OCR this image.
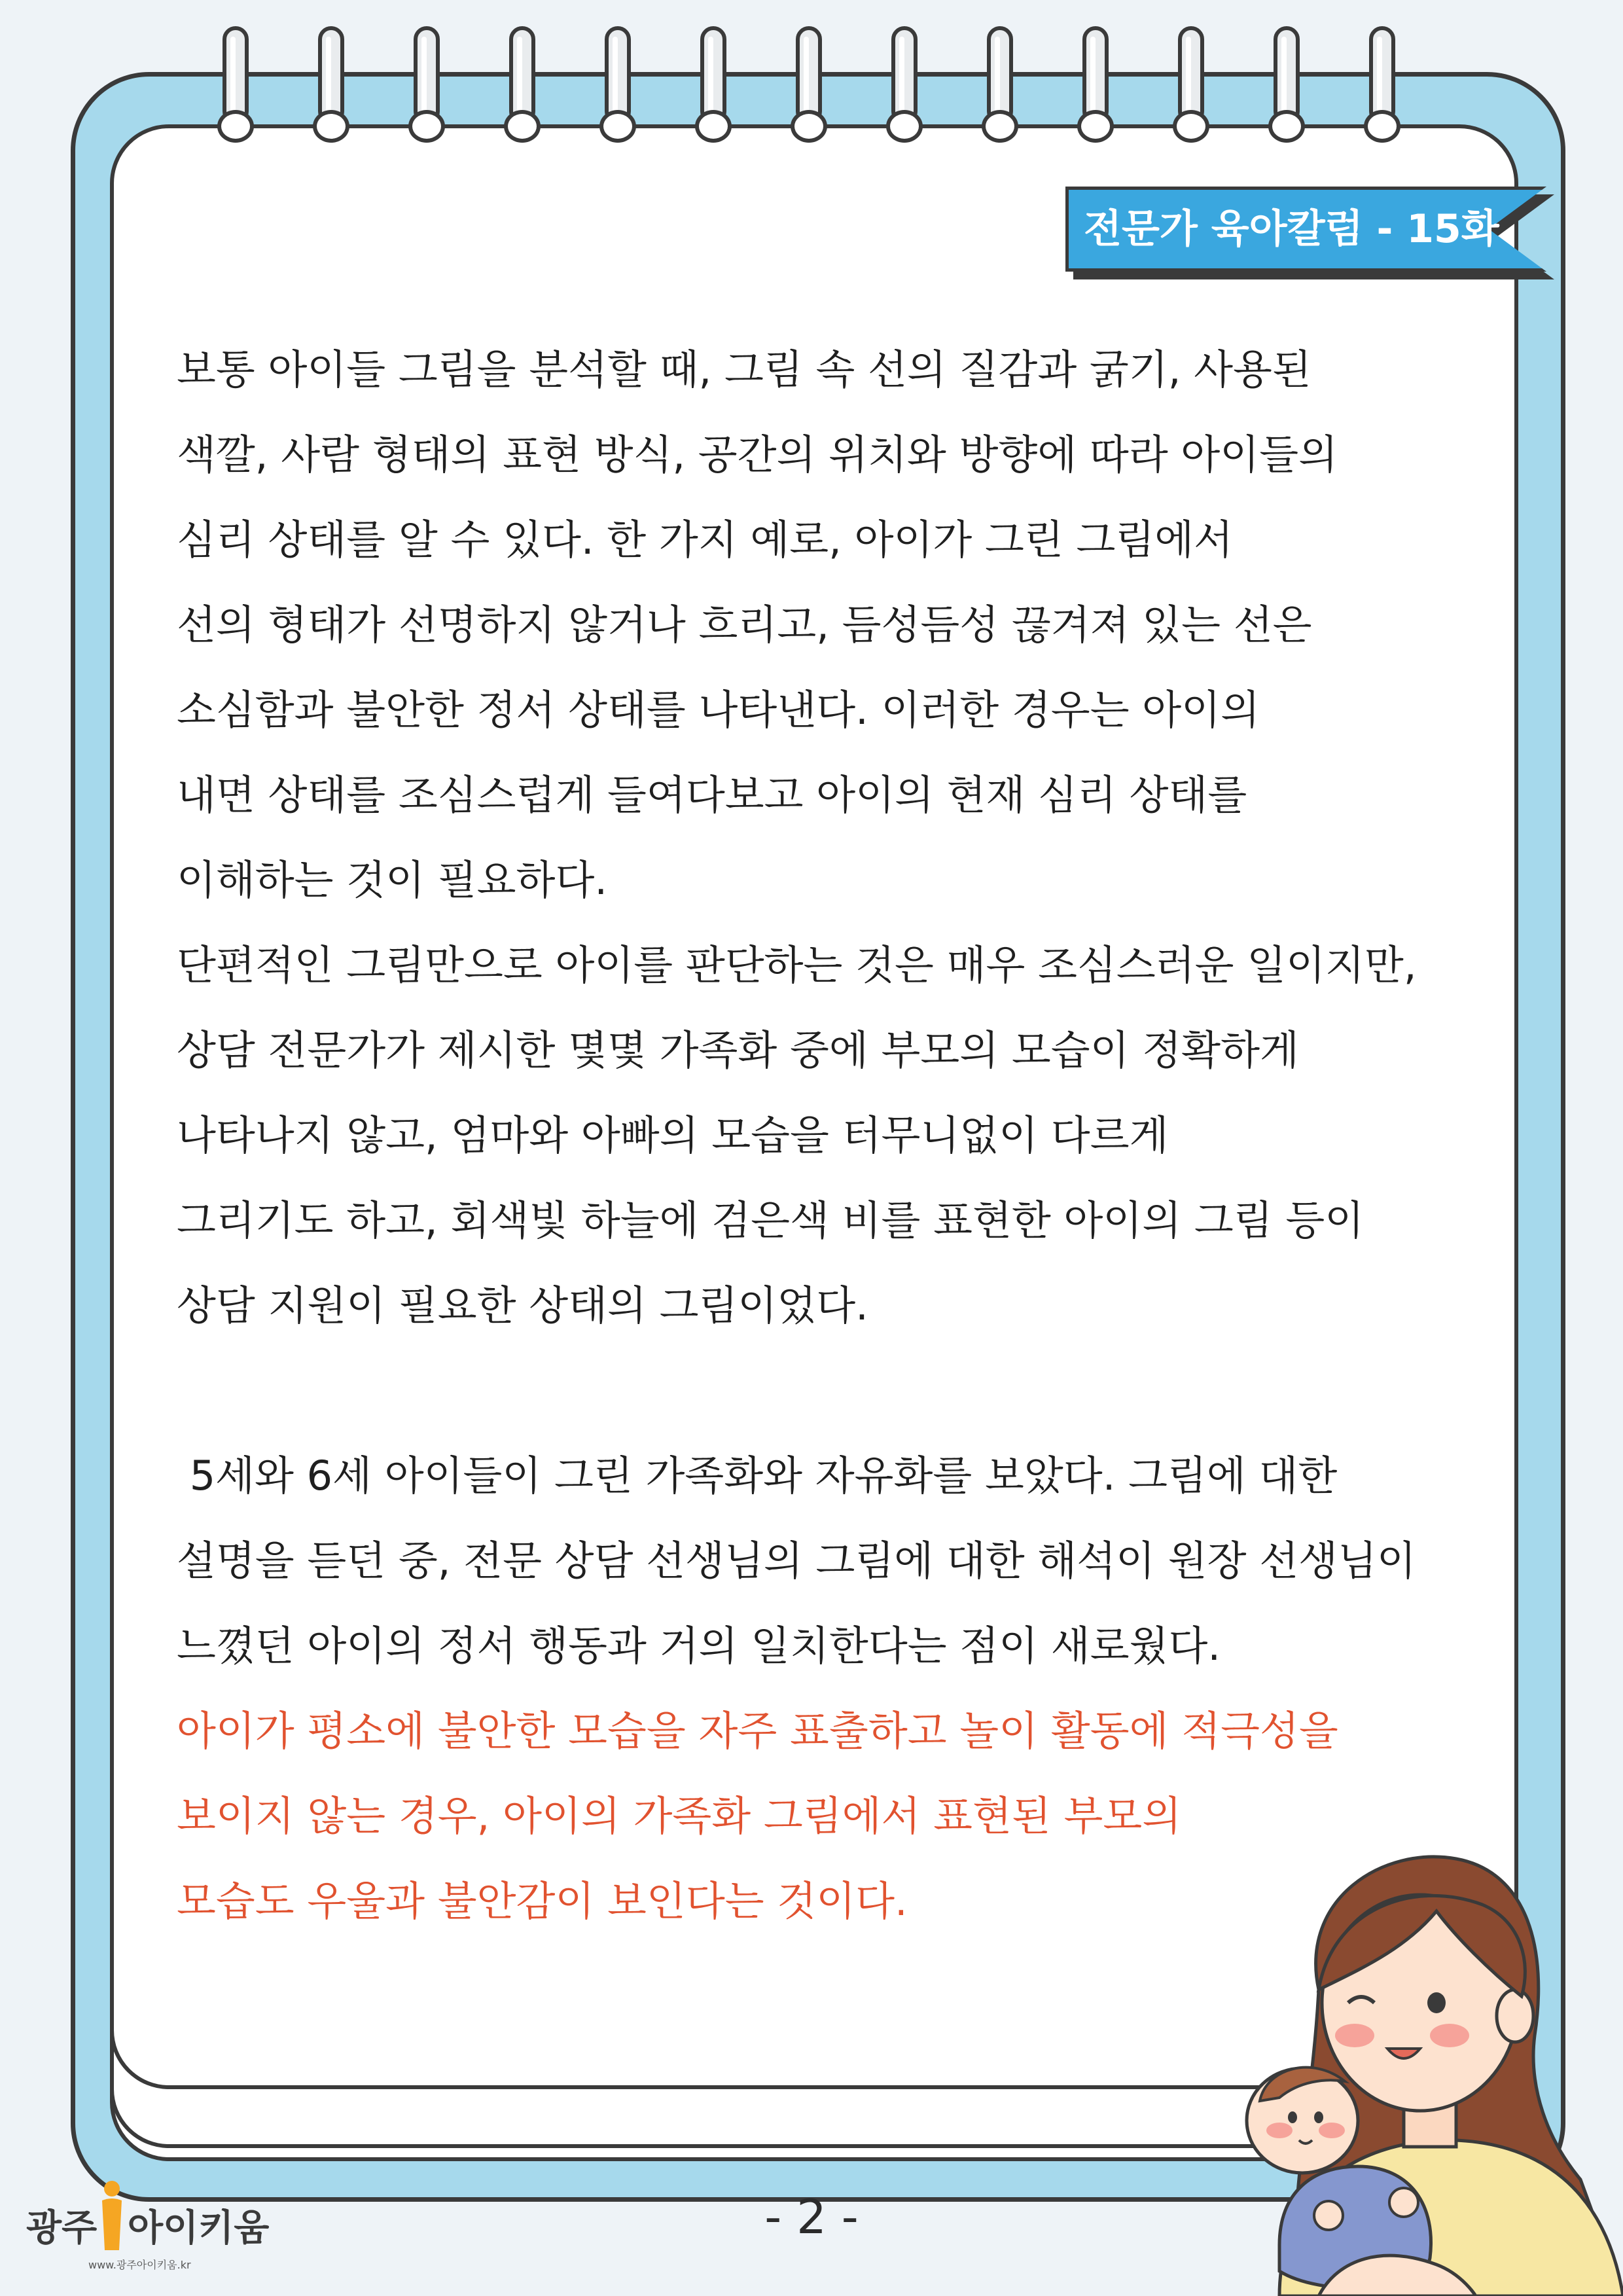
전문가 육아칼럼 - 15화

보통 아이들 그림을 분석할 때, 그림 속 선의 질감과 굵기, 사용된

색깔, 사람 형태의 표현 방식, 공간의 위치와 방향에 따라 아이들의

심리 상태를 알 수 있다. 한 가지 예로, 아이가 그린 그림에서

선의 형태가 선명하지 않거나 흐리고, 듬성듬성 끊겨져 있는 선은

소심함과 불안한 정서 상태를 나타낸다. 이러한 경우는 아이의

내면 상태를 조심스럽게 들여다보고 아이의 현재 심리 상태를

이해하는 것이 필요하다.

단편적인 그림만으로 아이를 판단하는 것은 매우 조심스러운 일이지만,

상담 전문가가 제시한 몇몇 가족화 중에 부모의 모습이 정확하게

나타나지 않고, 엄마와 아빠의 모습을 터무니없이 다르게

그리기도 하고, 회색빛 하늘에 검은색 비를 표현한 아이의 그림 등이

상담 지원이 필요한 상태의 그림이었다.

5세와 6세 아이들이 그린 가족화와 자유화를 보았다. 그림에 대한

설명을 듣던 중, 전문 상담 선생님의 그림에 대한 해석이 원장 선생님이

느꼈던 아이의 정서 행동과 거의 일치한다는 점이 새로웠다.

아이가 평소에 불안한 모습을 자주 표출하고 놀이 활동에 적극성을

보이지 않는 경우, 아이의 가족화 그림에서 표현된 부모의

모습도 우울과 불안감이 보인다는 것이다.

광주 아이키움
www.광주아이키움.kr
- 2 -
